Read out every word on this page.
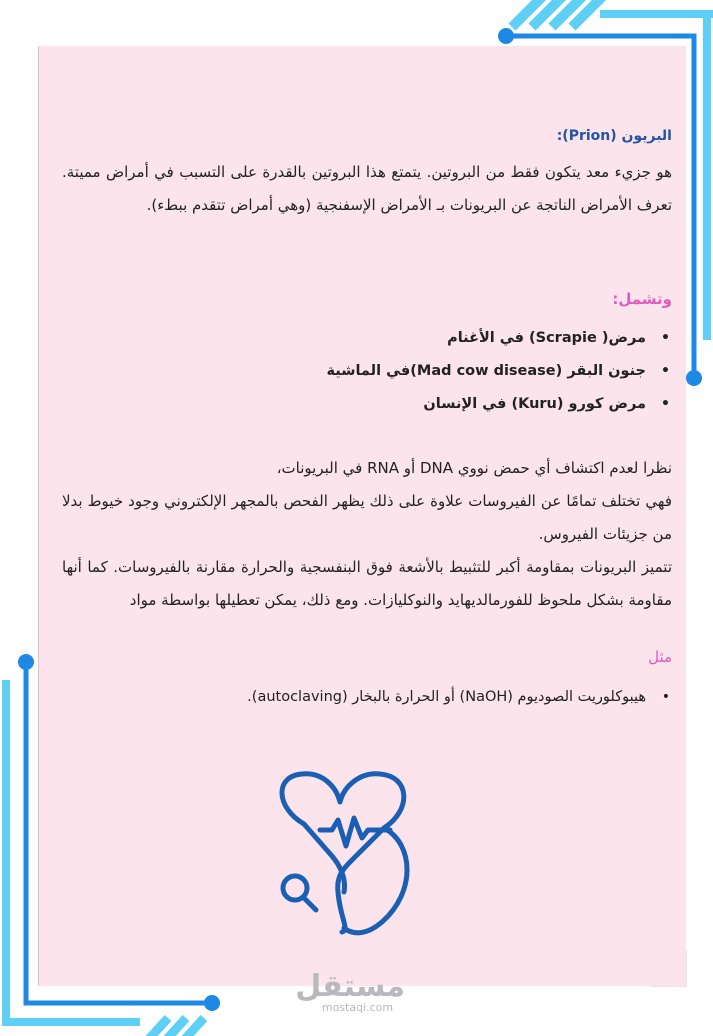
البريون (Prion):
هو جزيء معد يتكون فقط من البروتين. يتمتع هذا البروتين بالقدرة على التسبب في أمراض مميتة. تعرف الأمراض الناتجة عن البريونات بـ الأمراض الإسفنجية (وهي أمراض تتقدم ببطء).
وتشمل:
• مرض( Scrapie) في الأغنام
• جنون البقر (Mad cow disease)في الماشية
• مرض كورو (Kuru) في الإنسان
نظرا لعدم اكتشاف أي حمض نووي DNA أو RNA في البريونات،
فهي تختلف تمامًا عن الفيروسات علاوة على ذلك يظهر الفحص بالمجهر الإلكتروني وجود خيوط بدلا من جزيئات الفيروس.
تتميز البريونات بمقاومة أكبر للتثبيط بالأشعة فوق البنفسجية والحرارة مقارنة بالفيروسات. كما أنها مقاومة بشكل ملحوظ للفورمالديهايد والنوكليازات. ومع ذلك، يمكن تعطيلها بواسطة مواد
مثل
• هيبوكلوريت الصوديوم (NaOH) أو الحرارة بالبخار (autoclaving).
مستقل
mostaqi.com
